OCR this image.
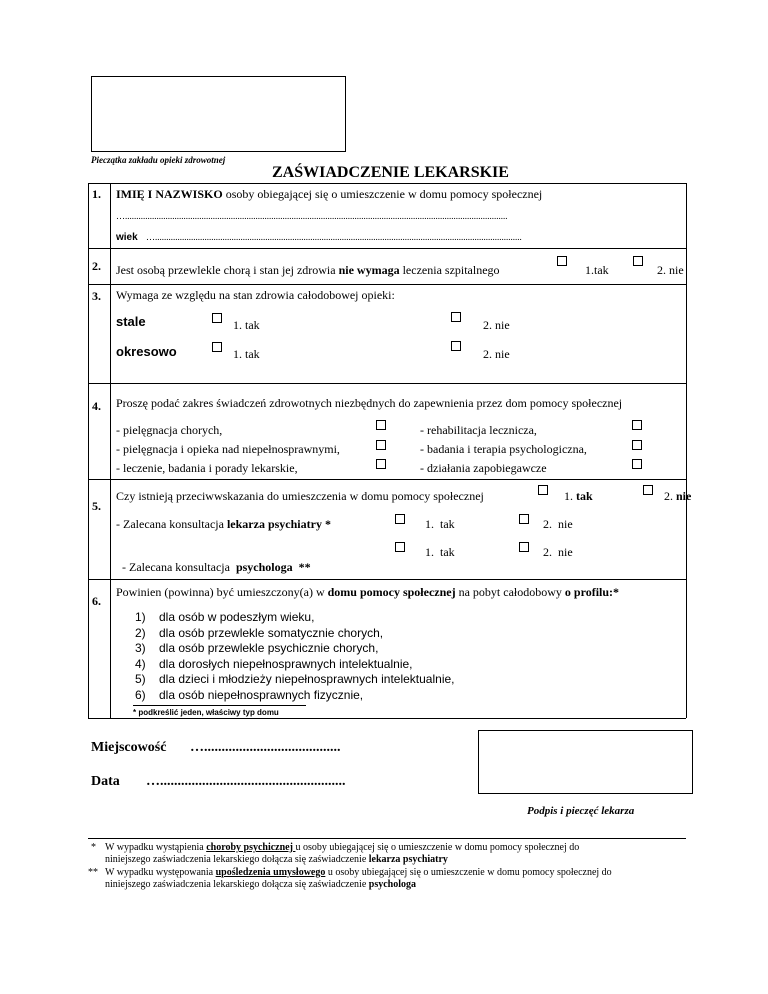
Pieczątka zakładu opieki zdrowotnej
ZAŚWIADCZENIE LEKARSKIE
1. IMIĘ I NAZWISKO osoby obiegającej się o umieszczenie w domu pomocy społecznej
…..........................................................................................................................................................................
wiek …...................................................................................................................................................................
2. Jest osobą przewlekle chorą i stan jej zdrowia nie wymaga leczenia szpitalnego	1.tak	2. nie
3. Wymaga ze względu na stan zdrowia całodobowej opieki:
stale	1. tak	2. nie
okresowo	1. tak	2. nie
4. Proszę podać zakres świadczeń zdrowotnych niezbędnych do zapewnienia przez dom pomocy społecznej
- pielęgnacja chorych,	- rehabilitacja lecznicza,
- pielęgnacja i opieka nad niepełnosprawnymi,	- badania i terapia psychologiczna,
- leczenie, badania i porady lekarskie,	- działania zapobiegawcze
5.
Czy istnieją przeciwwskazania do umieszczenia w domu pomocy społecznej	1. tak	2. nie
- Zalecana konsultacja lekarza psychiatry *	1.  tak	2.  nie

- Zalecana konsultacja  psychologa  **

1.  tak	2.  nie
6.
Powinien (powinna) być umieszczony(a) w domu pomocy społecznej na pobyt całodobowy o profilu:*
1) dla osób w podeszłym wieku,
2) dla osób przewlekle somatycznie chorych,
3) dla osób przewlekle psychicznie chorych,
4) dla dorosłych niepełnosprawnych intelektualnie,
5) dla dzieci i młodzieży niepełnosprawnych intelektualnie,
6) dla osób niepełnosprawnych fizycznie,
* podkreślić jeden, właściwy typ domu
Miejscowość ….......................................
Data ….....................................................
Podpis i pieczęć lekarza
* W wypadku wystąpienia choroby psychicznej u osoby ubiegającej się o umieszczenie w domu pomocy społecznej do
niniejszego zaświadczenia lekarskiego dołącza się zaświadczenie lekarza psychiatry
** W wypadku występowania upośledzenia umysłowego u osoby ubiegającej się o umieszczenie w domu pomocy społecznej do
niniejszego zaświadczenia lekarskiego dołącza się zaświadczenie psychologa
